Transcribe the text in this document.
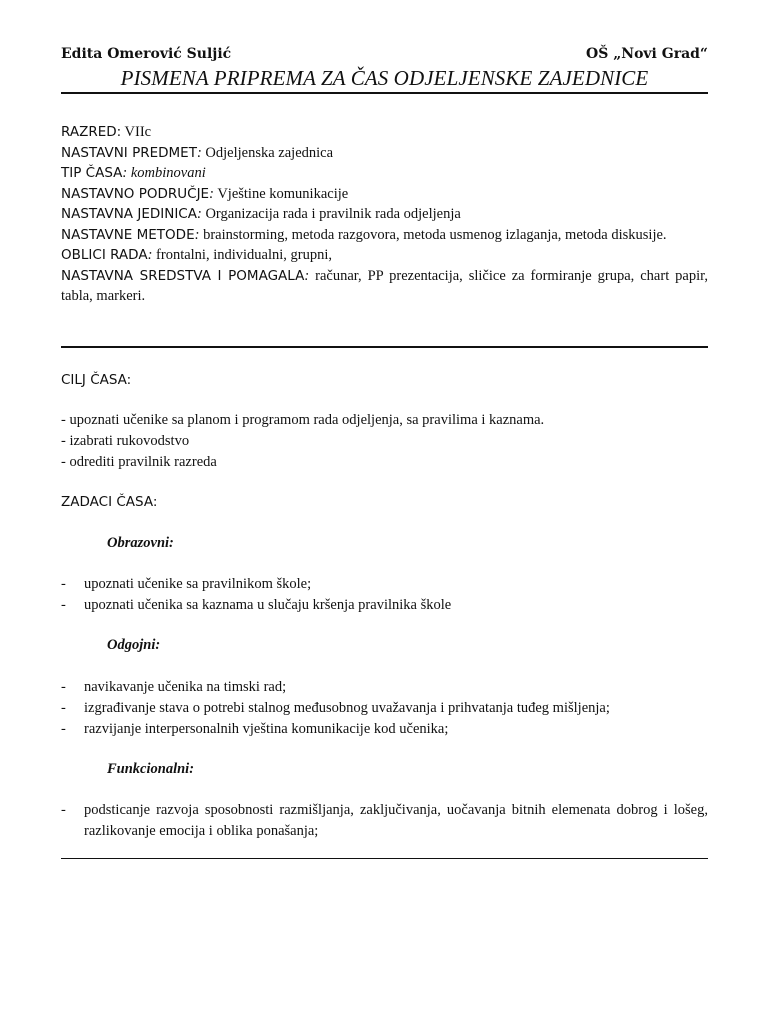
Edita Omerović Suljić	OŠ „Novi Grad“
PISMENA PRIPREMA ZA ČAS ODJELJENSKE ZAJEDNICE
RAZRED: VIIc
NASTAVNI PREDMET: Odjeljenska zajednica
TIP ČASA: kombinovani
NASTAVNO PODRUČJE: Vještine komunikacije
NASTAVNA JEDINICA: Organizacija rada i pravilnik rada odjeljenja
NASTAVNE METODE: brainstorming, metoda razgovora, metoda usmenog izlaganja, metoda diskusije.
OBLICI RADA: frontalni, individualni, grupni,
NASTAVNA SREDSTVA I POMAGALA: računar, PP prezentacija, sličice za formiranje grupa, chart papir, tabla, markeri.
CILJ ČASA:
- upoznati učenike sa planom i programom rada odjeljenja, sa pravilima i kaznama.
- izabrati rukovodstvo
- odrediti pravilnik razreda
ZADACI ČASA:
Obrazovni:
- upoznati učenike sa pravilnikom škole;
- upoznati učenika sa kaznama u slučaju kršenja pravilnika škole
Odgojni:
- navikavanje učenika na timski rad;
- izgrađivanje stava o potrebi stalnog međusobnog uvažavanja i prihvatanja tuđeg mišljenja;
- razvijanje interpersonalnih vještina komunikacije kod učenika;
Funkcionalni:
- podsticanje razvoja sposobnosti razmišljanja, zaključivanja, uočavanja bitnih elemenata dobrog i lošeg, razlikovanje emocija i oblika ponašanja;
